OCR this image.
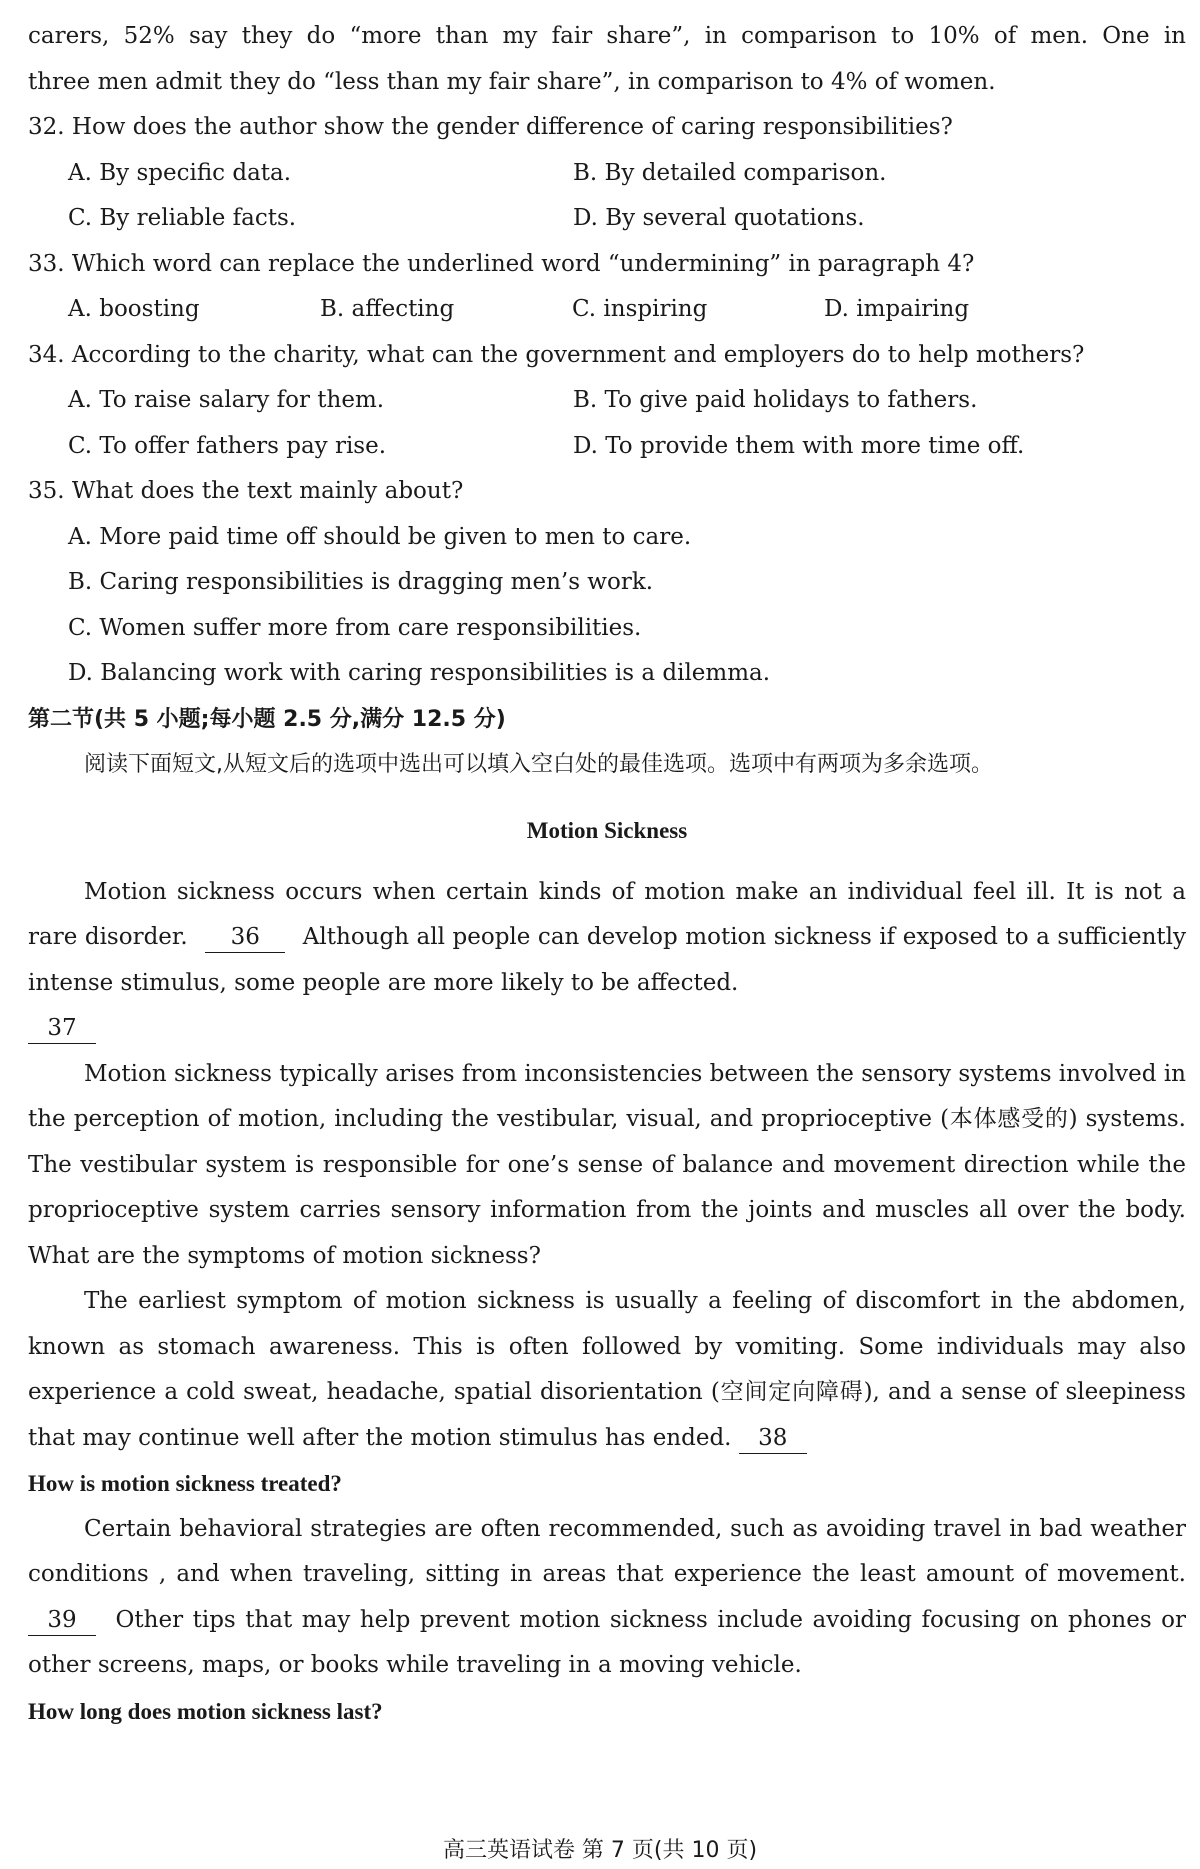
carers, 52% say they do “more than my fair share”, in comparison to 10% of men. One in

three men admit they do “less than my fair share”, in comparison to 4% of women.

32. How does the author show the gender difference of caring responsibilities?

A. By specific data.	B. By detailed comparison.
C. By reliable facts.	D. By several quotations.

33. Which word can replace the underlined word “undermining” in paragraph 4?

A. boosting	B. affecting	C. inspiring	D. impairing

34. According to the charity, what can the government and employers do to help mothers?

A. To raise salary for them.	B. To give paid holidays to fathers.
C. To offer fathers pay rise.	D. To provide them with more time off.

35. What does the text mainly about?

A. More paid time off should be given to men to care.

B. Caring responsibilities is dragging men’s work.

C. Women suffer more from care responsibilities.

D. Balancing work with caring responsibilities is a dilemma.

第二节(共 5 小题;每小题 2.5 分,满分 12.5 分)

阅读下面短文,从短文后的选项中选出可以填入空白处的最佳选项。选项中有两项为多余选项。

Motion Sickness

Motion sickness occurs when certain kinds of motion make an individual feel ill. It is not a rare disorder. 36 Although all people can develop motion sickness if exposed to a sufficiently intense stimulus, some people are more likely to be affected.

37

Motion sickness typically arises from inconsistencies between the sensory systems involved in the perception of motion, including the vestibular, visual, and proprioceptive (本体感受的) systems. The vestibular system is responsible for one’s sense of balance and movement direction while the proprioceptive system carries sensory information from the joints and muscles all over the body. What are the symptoms of motion sickness?

The earliest symptom of motion sickness is usually a feeling of discomfort in the abdomen, known as stomach awareness. This is often followed by vomiting. Some individuals may also experience a cold sweat, headache, spatial disorientation (空间定向障碍), and a sense of sleepiness that may continue well after the motion stimulus has ended. 38

How is motion sickness treated?

Certain behavioral strategies are often recommended, such as avoiding travel in bad weather conditions , and when traveling, sitting in areas that experience the least amount of movement. 39 Other tips that may help prevent motion sickness include avoiding focusing on phones or other screens, maps, or books while traveling in a moving vehicle.

How long does motion sickness last?

高三英语试卷 第 7 页(共 10 页)
